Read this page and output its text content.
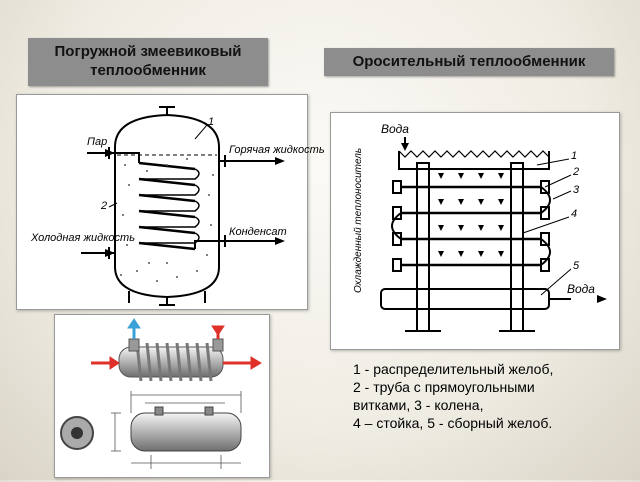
Погружной змеевиковый теплообменник
Оросительный теплообменник
Пар
Горячая жидкость
Холодная жидкость	Конденсат
1
2
Вода
Вода
Охлажденный теплоноситель	1
2
3
4
5
1 - распределительный желоб,
2 - труба с прямоугольными
витками, 3 - колена,
4 – стойка, 5 - сборный желоб.
